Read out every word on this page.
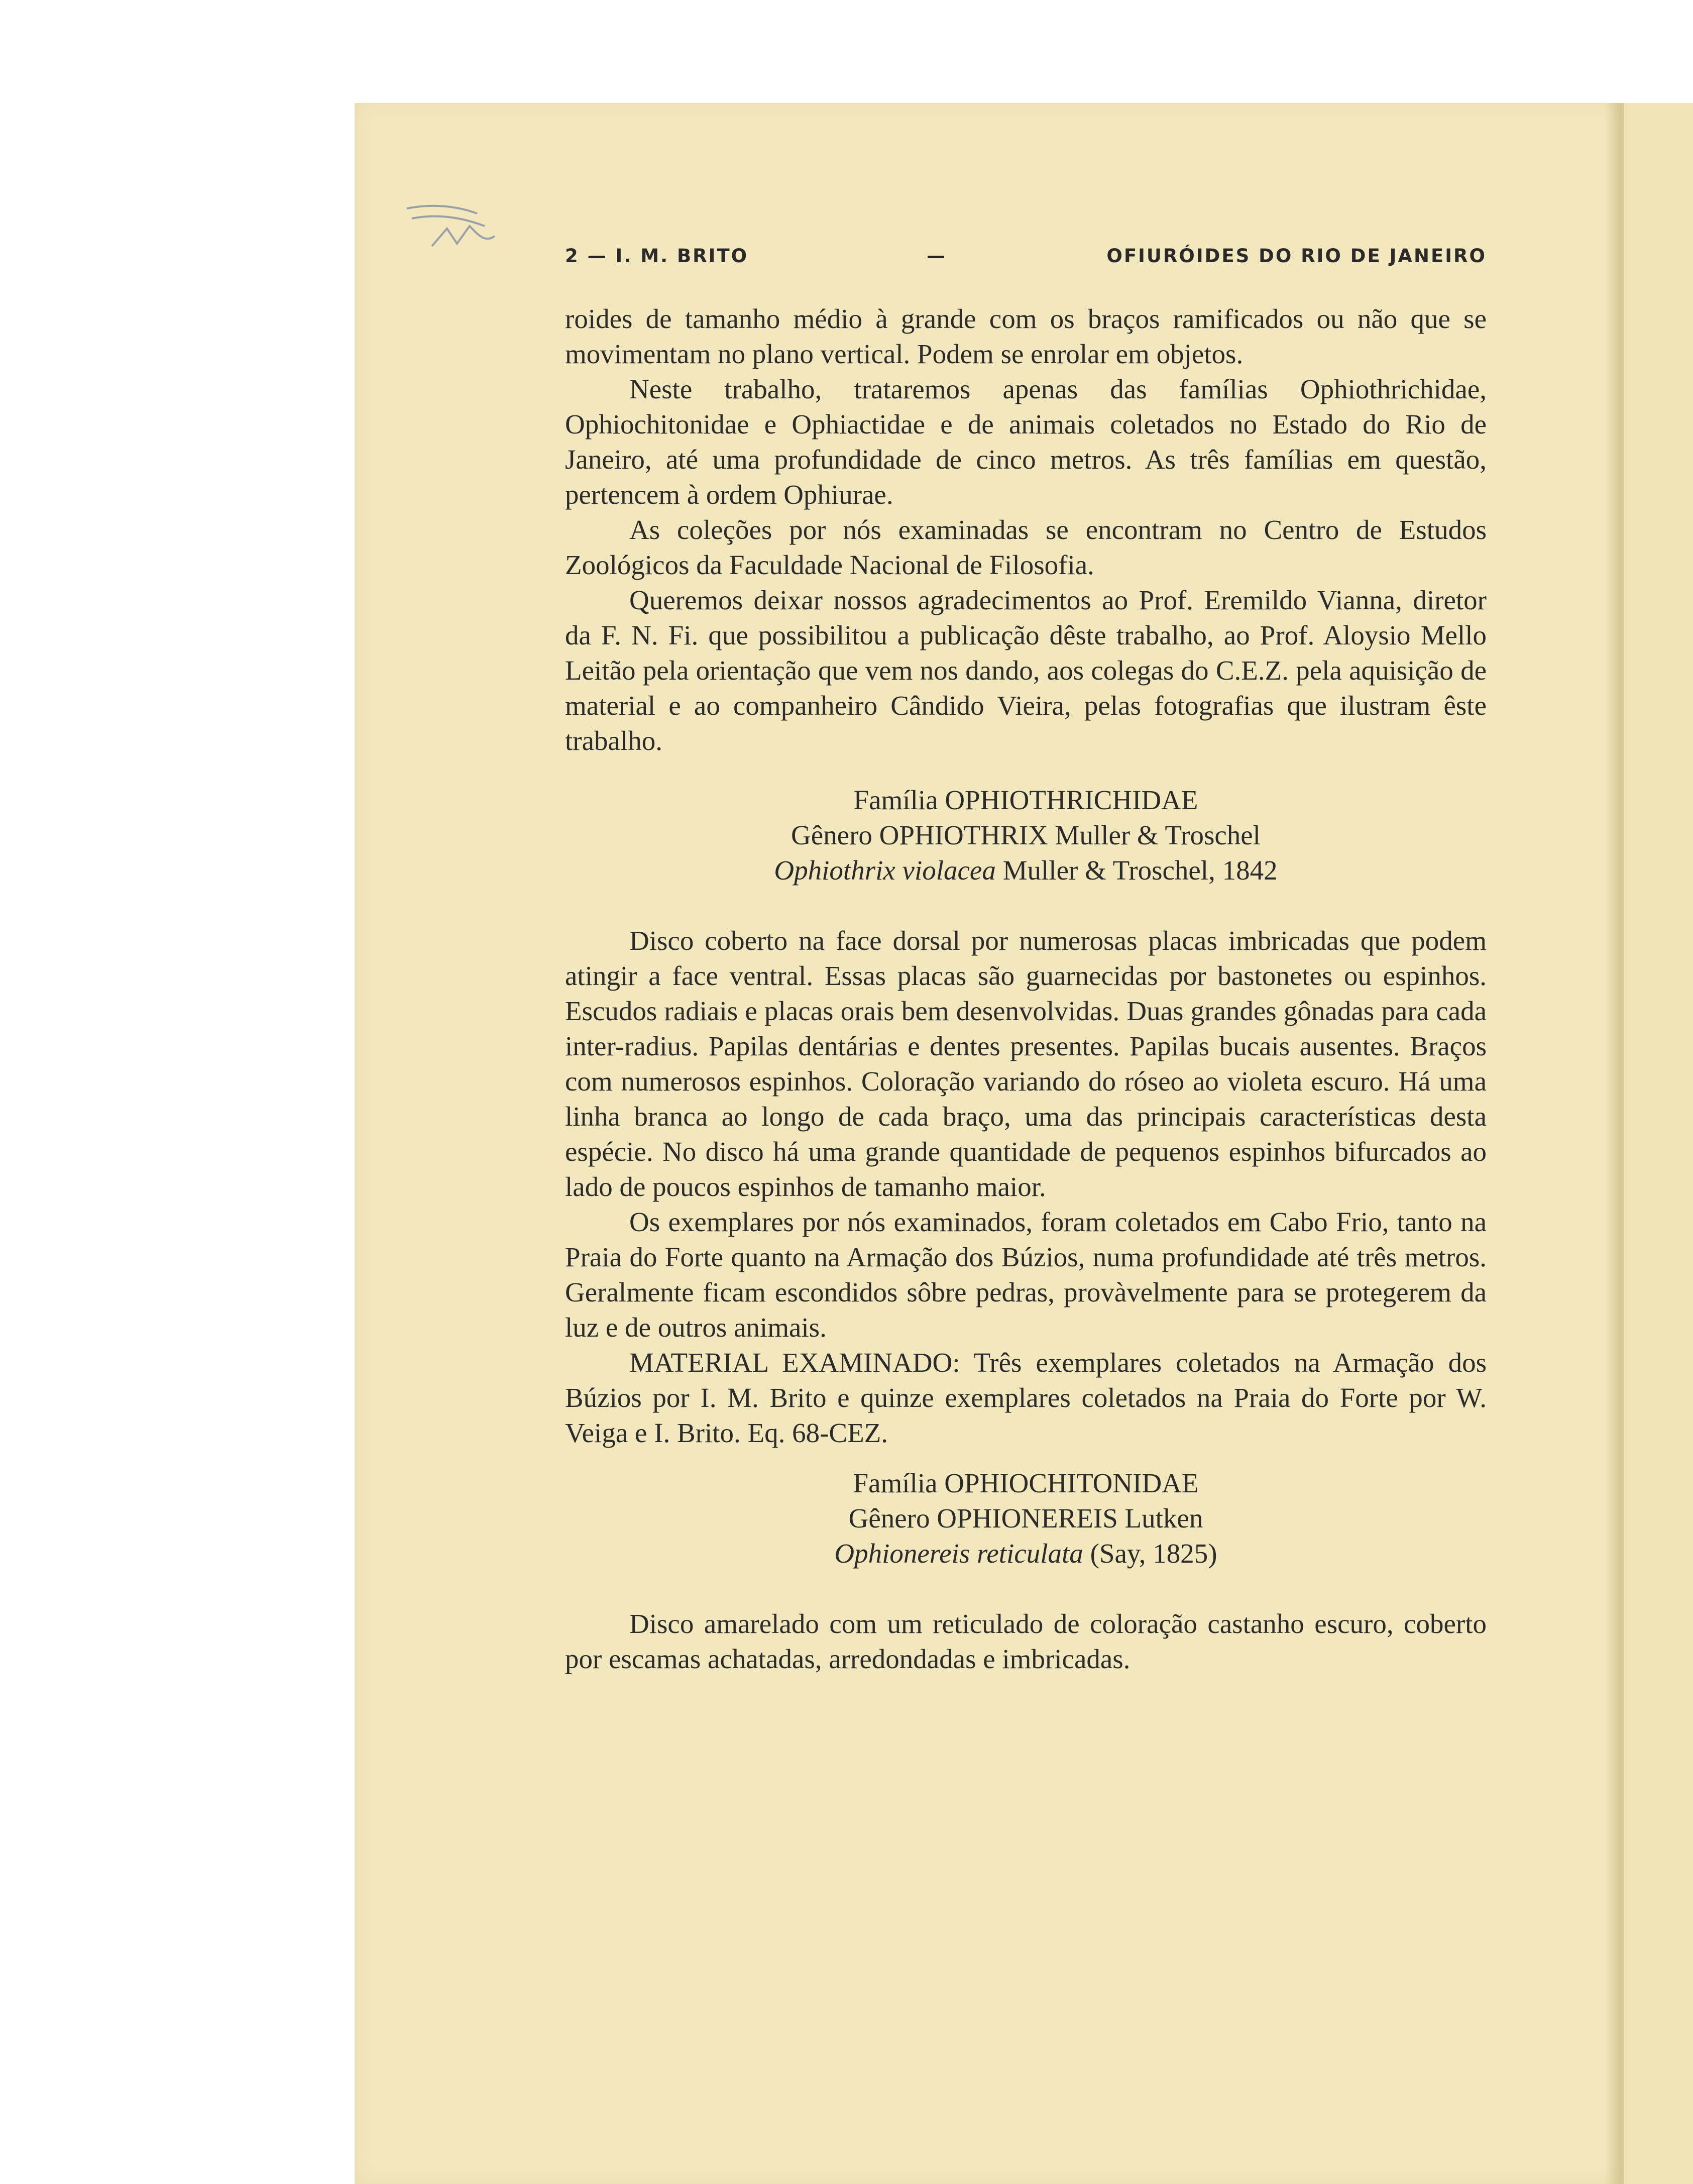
2 — I. M. BRITO	—	OFIURÓIDES DO RIO DE JANEIRO

roides de tamanho médio à grande com os braços ramificados ou não que se movimentam no plano vertical. Podem se enrolar em objetos.

Neste trabalho, trataremos apenas das famílias Ophiothrichidae, Ophiochitonidae e Ophiactidae e de animais coletados no Estado do Rio de Janeiro, até uma profundidade de cinco metros. As três famílias em questão, pertencem à ordem Ophiurae.

As coleções por nós examinadas se encontram no Centro de Estudos Zoológicos da Faculdade Nacional de Filosofia.

Queremos deixar nossos agradecimentos ao Prof. Eremildo Vianna, diretor da F. N. Fi. que possibilitou a publicação dêste trabalho, ao Prof. Aloysio Mello Leitão pela orientação que vem nos dando, aos colegas do C.E.Z. pela aquisição de material e ao companheiro Cândido Vieira, pelas fotografias que ilustram êste trabalho.

Família OPHIOTHRICHIDAE

Gênero OPHIOTHRIX Muller & Troschel

Ophiothrix violacea Muller & Troschel, 1842

Disco coberto na face dorsal por numerosas placas imbricadas que podem atingir a face ventral. Essas placas são guarnecidas por bastonetes ou espinhos. Escudos radiais e placas orais bem desenvolvidas. Duas grandes gônadas para cada inter-radius. Papilas dentárias e dentes presentes. Papilas bucais ausentes. Braços com numerosos espinhos. Coloração variando do róseo ao violeta escuro. Há uma linha branca ao longo de cada braço, uma das principais características desta espécie. No disco há uma grande quantidade de pequenos espinhos bifurcados ao lado de poucos espinhos de tamanho maior.

Os exemplares por nós examinados, foram coletados em Cabo Frio, tanto na Praia do Forte quanto na Armação dos Búzios, numa profundidade até três metros. Geralmente ficam escondidos sôbre pedras, provàvelmente para se protegerem da luz e de outros animais.

MATERIAL EXAMINADO: Três exemplares coletados na Armação dos Búzios por I. M. Brito e quinze exemplares coletados na Praia do Forte por W. Veiga e I. Brito. Eq. 68-CEZ.

Família OPHIOCHITONIDAE

Gênero OPHIONEREIS Lutken

Ophionereis reticulata (Say, 1825)

Disco amarelado com um reticulado de coloração castanho escuro, coberto por escamas achatadas, arredondadas e imbricadas.
